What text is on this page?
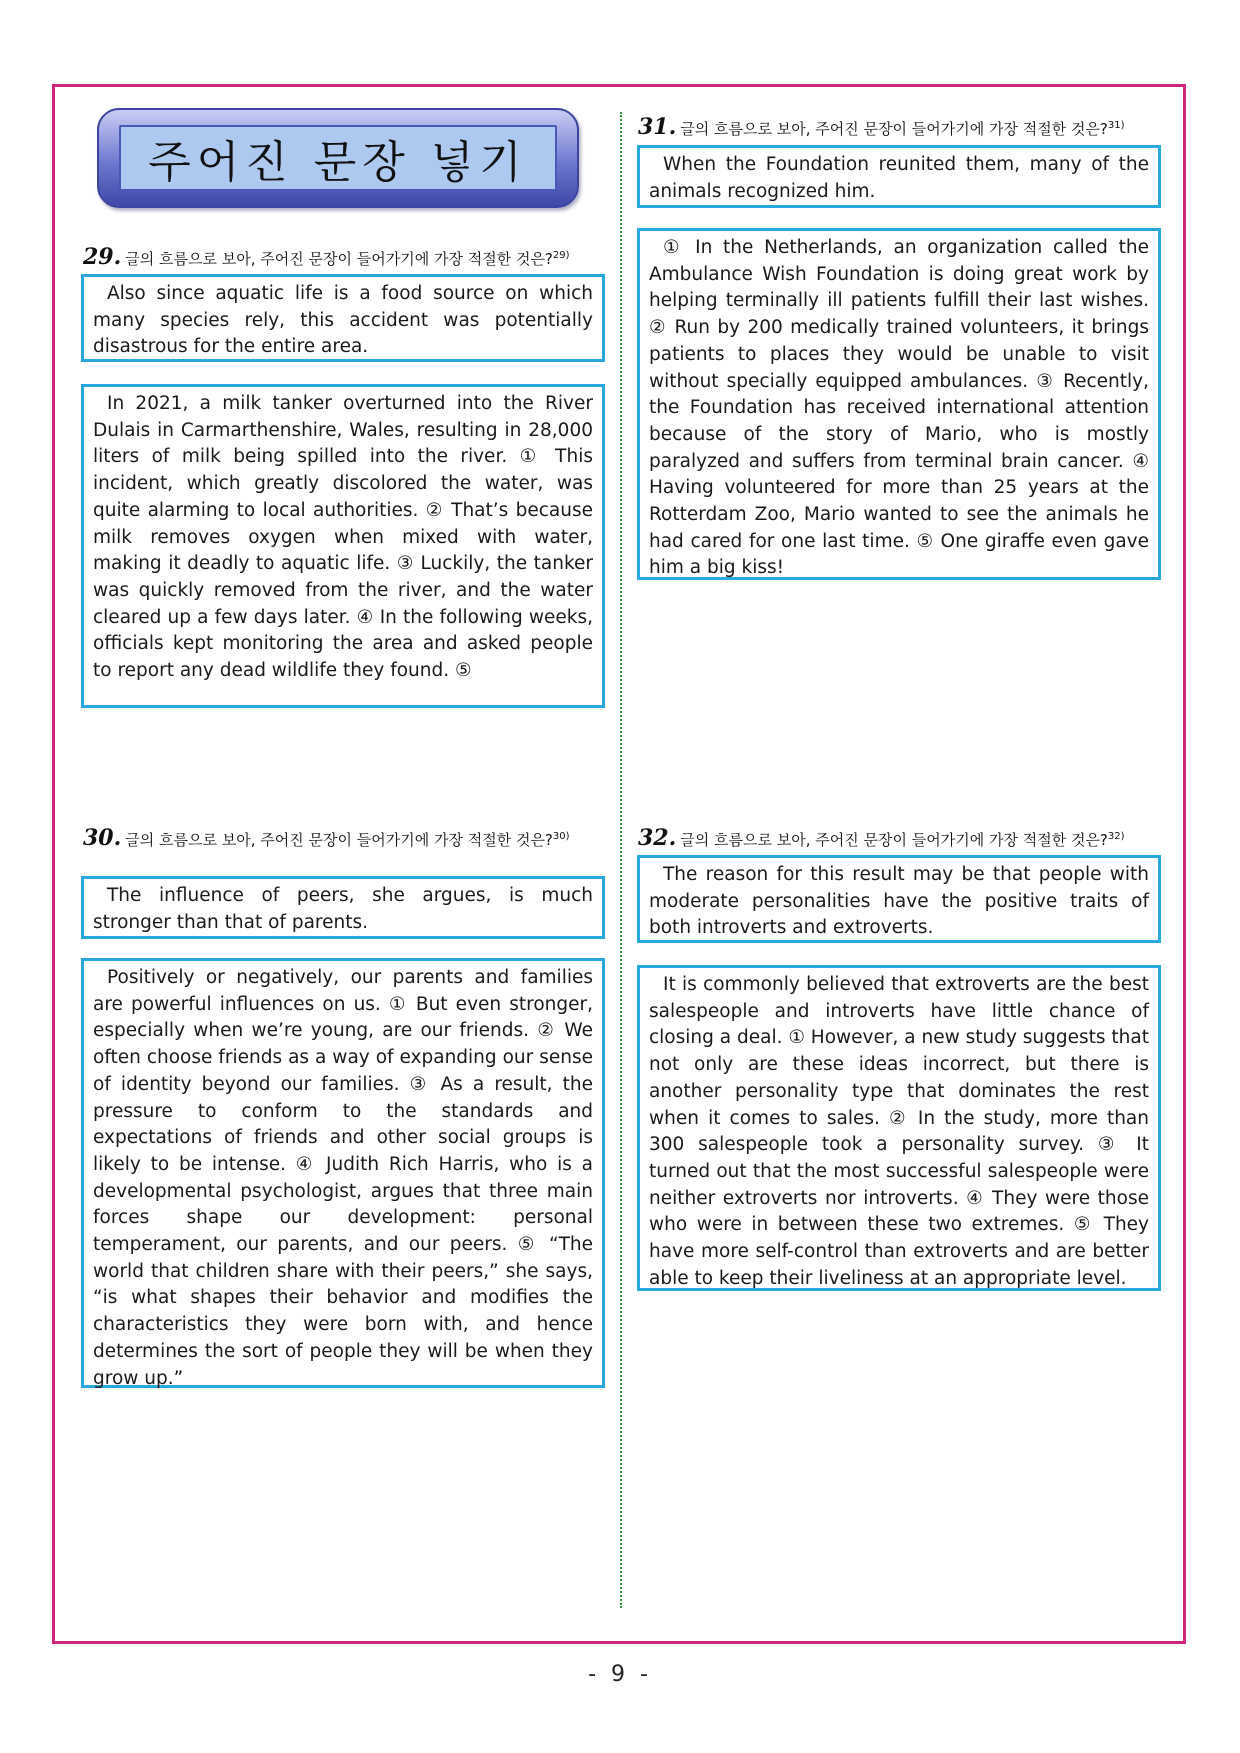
주어진 문장 넣기
29. 글의 흐름으로 보아, 주어진 문장이 들어가기에 가장 적절한 것은?$^{29)}$
Also since aquatic life is a food source on which many species rely, this accident was potentially disastrous for the entire area.
In 2021, a milk tanker overturned into the River Dulais in Carmarthenshire, Wales, resulting in 28,000 liters of milk being spilled into the river. ① This incident, which greatly discolored the water, was quite alarming to local authorities. ② That’s because milk removes oxygen when mixed with water, making it deadly to aquatic life. ③ Luckily, the tanker was quickly removed from the river, and the water cleared up a few days later. ④ In the following weeks, officials kept monitoring the area and asked people to report any dead wildlife they found. ⑤
30. 글의 흐름으로 보아, 주어진 문장이 들어가기에 가장 적절한 것은?$^{30)}$
The influence of peers, she argues, is much stronger than that of parents.
Positively or negatively, our parents and families are powerful influences on us. ① But even stronger, especially when we’re young, are our friends. ② We often choose friends as a way of expanding our sense of identity beyond our families. ③ As a result, the pressure to conform to the standards and expectations of friends and other social groups is likely to be intense. ④ Judith Rich Harris, who is a developmental psychologist, argues that three main forces shape our development: personal temperament, our parents, and our peers. ⑤ “The world that children share with their peers,” she says, “is what shapes their behavior and modifies the characteristics they were born with, and hence determines the sort of people they will be when they grow up.”
31. 글의 흐름으로 보아, 주어진 문장이 들어가기에 가장 적절한 것은?$^{31)}$
When the Foundation reunited them, many of the animals recognized him.
① In the Netherlands, an organization called the Ambulance Wish Foundation is doing great work by helping terminally ill patients fulfill their last wishes. ② Run by 200 medically trained volunteers, it brings patients to places they would be unable to visit without specially equipped ambulances. ③ Recently, the Foundation has received international attention because of the story of Mario, who is mostly paralyzed and suffers from terminal brain cancer. ④ Having volunteered for more than 25 years at the Rotterdam Zoo, Mario wanted to see the animals he had cared for one last time. ⑤ One giraffe even gave him a big kiss!
32. 글의 흐름으로 보아, 주어진 문장이 들어가기에 가장 적절한 것은?$^{32)}$
The reason for this result may be that people with moderate personalities have the positive traits of both introverts and extroverts.
It is commonly believed that extroverts are the best salespeople and introverts have little chance of closing a deal. ① However, a new study suggests that not only are these ideas incorrect, but there is another personality type that dominates the rest when it comes to sales. ② In the study, more than 300 salespeople took a personality survey. ③ It turned out that the most successful salespeople were neither extroverts nor introverts. ④ They were those who were in between these two extremes. ⑤ They have more self-control than extroverts and are better able to keep their liveliness at an appropriate level.
- 9 -
